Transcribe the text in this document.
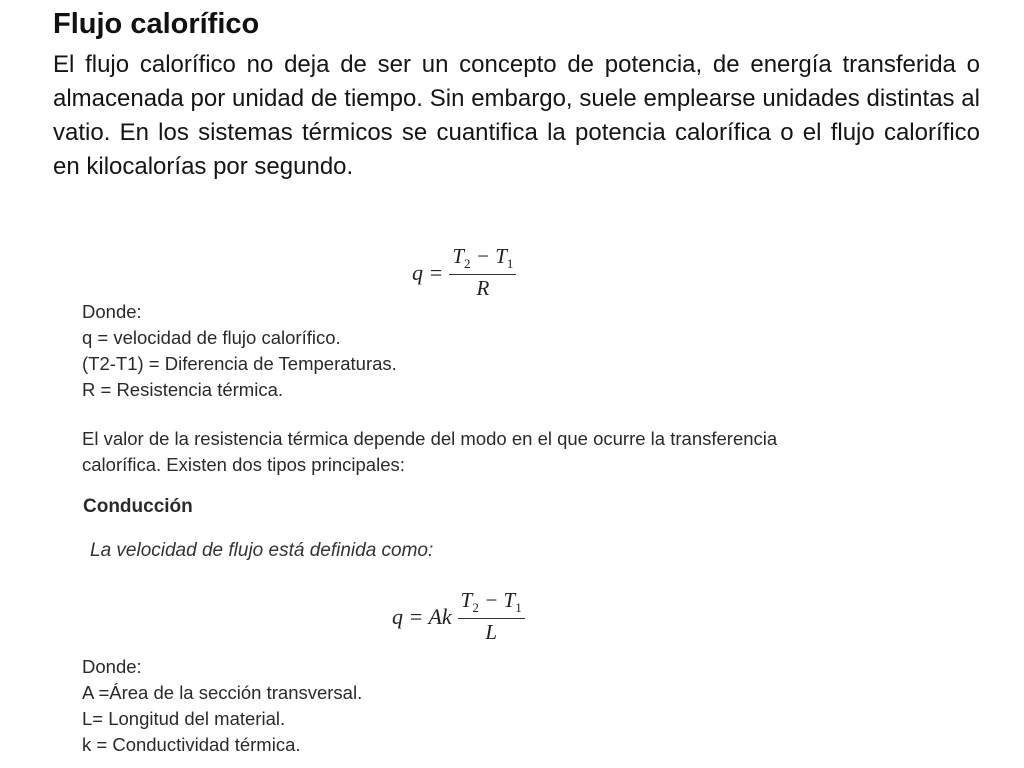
Flujo calorífico

El flujo calorífico no deja de ser un concepto de potencia, de energía transferida o almacenada por unidad de tiempo. Sin embargo, suele emplearse unidades distintas al vatio. En los sistemas térmicos se cuantifica la potencia calorífica o el flujo calorífico en kilocalorías por segundo.

$q = \frac{T_2 - T_1}{R}$
Donde:
q = velocidad de flujo calorífico.
(T2-T1) = Diferencia de Temperaturas.
R = Resistencia térmica.
El valor de la resistencia térmica depende del modo en el que ocurre la transferencia
calorífica. Existen dos tipos principales:
Conducción

La velocidad de flujo está definida como:

q = Ak $\frac{T_2 - T_1}{L}$
Donde:
A =Área de la sección transversal.
L= Longitud del material.
k = Conductividad térmica.
